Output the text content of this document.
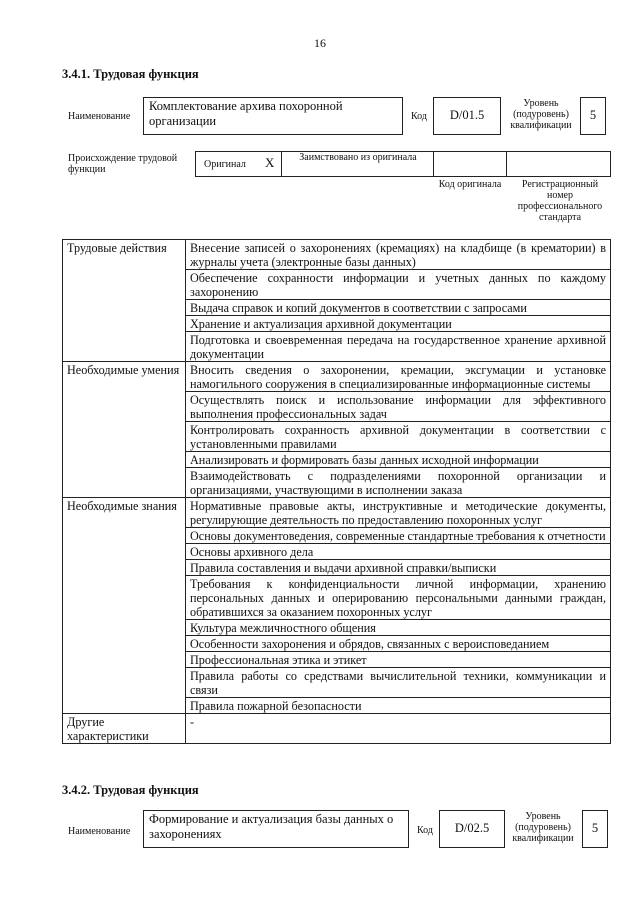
16
3.4.1. Трудовая функция
Наименование
Комплектование архива похоронной организации	Код	D/01.5
Уровень (подуровень) квалификации
5
Происхождение трудовой функции	Оригинал X	Заимствовано из оригинала
Код оригинала	Регистрационный номер профессионального стандарта
Трудовые действия	Внесение записей о захоронениях (кремациях) на кладбище (в крематории) в журналы учета (электронные базы данных)
	Обеспечение сохранности информации и учетных данных по каждому захоронению
	Выдача справок и копий документов в соответствии с запросами
	Хранение и актуализация архивной документации
	Подготовка и своевременная передача на государственное хранение архивной документации
Необходимые умения	Вносить сведения о захоронении, кремации, эксгумации и установке намогильного сооружения в специализированные информационные системы
	Осуществлять поиск и использование информации для эффективного выполнения профессиональных задач
	Контролировать сохранность архивной документации в соответствии с установленными правилами
	Анализировать и формировать базы данных исходной информации
	Взаимодействовать с подразделениями похоронной организации и организациями, участвующими в исполнении заказа
Необходимые знания	Нормативные правовые акты, инструктивные и методические документы, регулирующие деятельность по предоставлению похоронных услуг
	Основы документоведения, современные стандартные требования к отчетности
	Основы архивного дела
	Правила составления и выдачи архивной справки/выписки
	Требования к конфиденциальности личной информации, хранению персональных данных и оперированию персональными данными граждан, обратившихся за оказанием похоронных услуг
	Культура межличностного общения
	Особенности захоронения и обрядов, связанных с вероисповеданием
	Профессиональная этика и этикет
	Правила работы со средствами вычислительной техники, коммуникации и связи
	Правила пожарной безопасности
Другие характеристики	-
3.4.2. Трудовая функция
Наименование
Формирование и актуализация базы данных о захоронениях	Код	D/02.5
Уровень (подуровень) квалификации
5
